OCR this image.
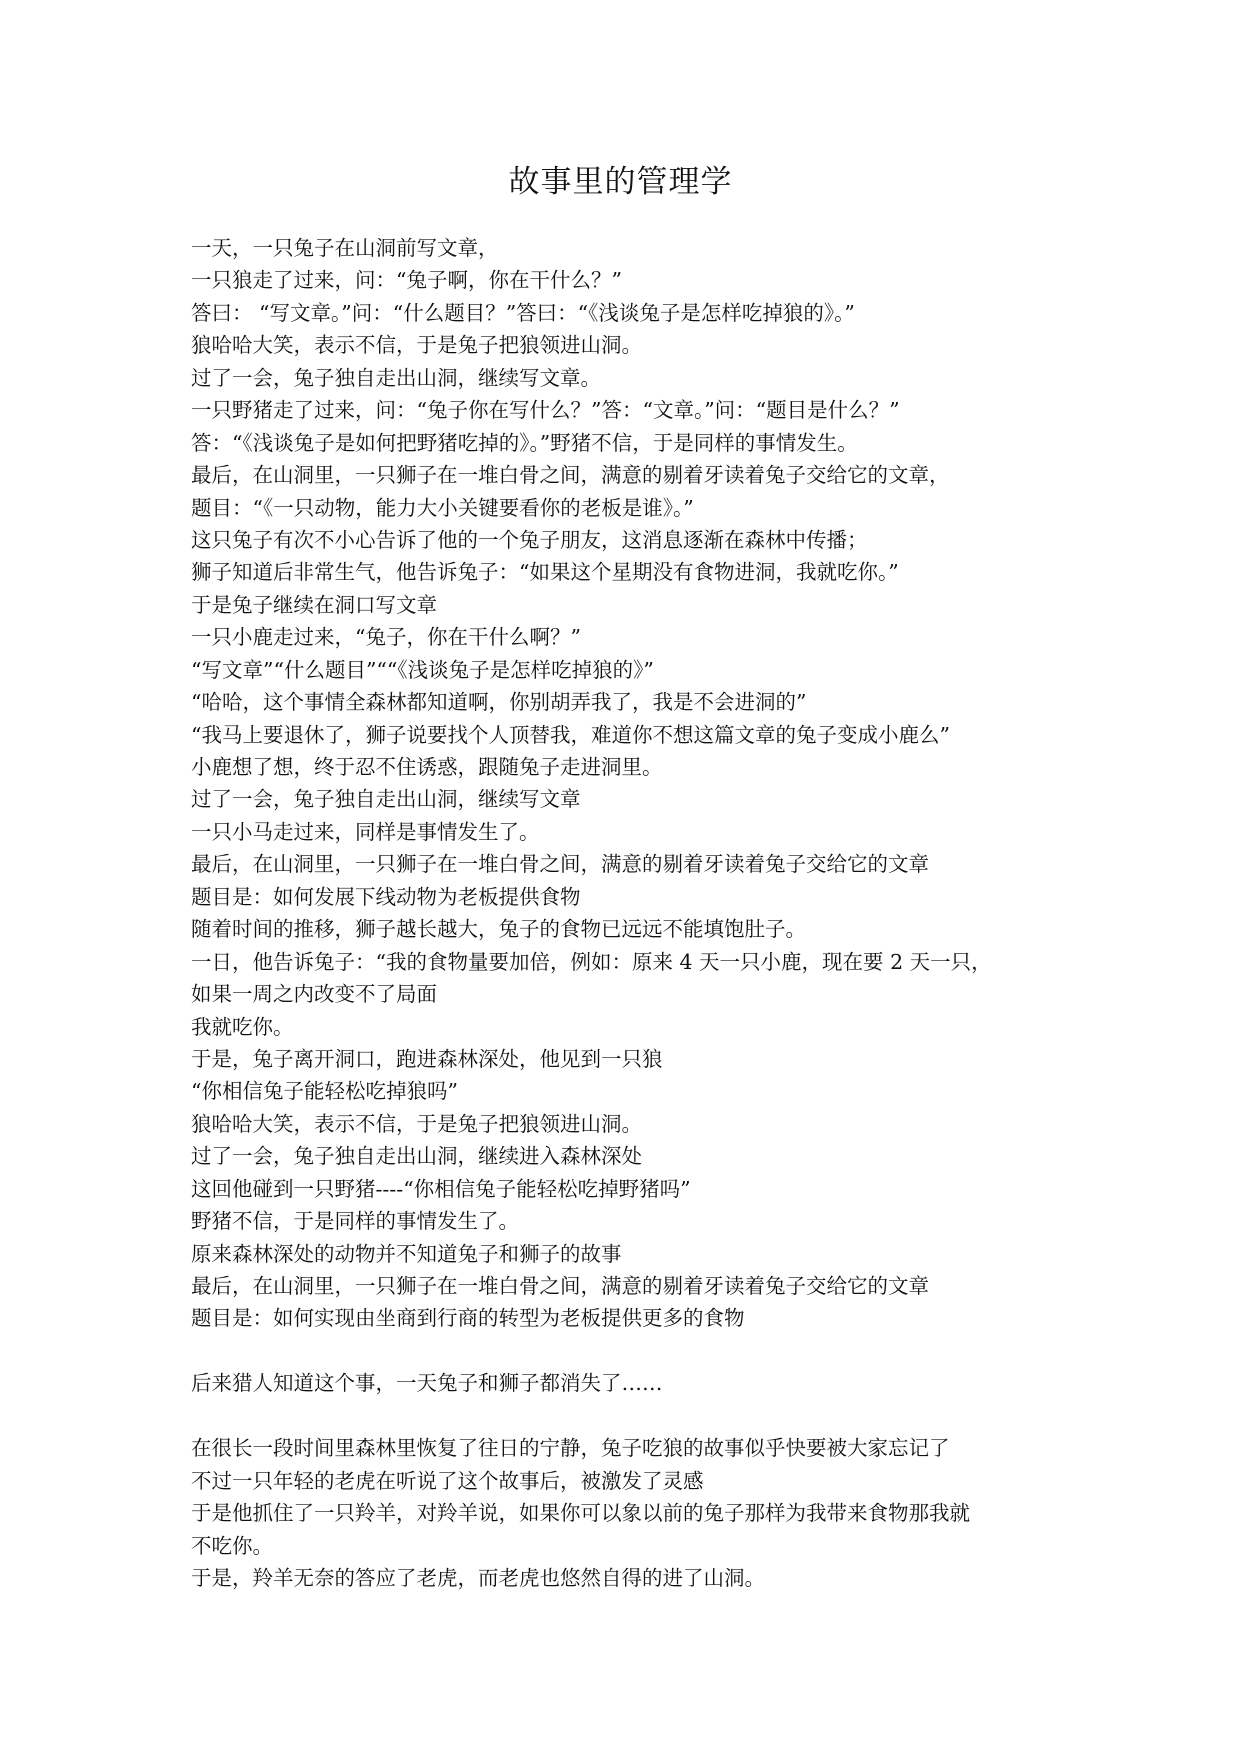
故事里的管理学
一天，一只兔子在山洞前写文章，
一只狼走了过来，问：“兔子啊，你在干什么？”
答曰： “写文章。”问：“什么题目？”答曰：“《浅谈兔子是怎样吃掉狼的》。”
狼哈哈大笑，表示不信，于是兔子把狼领进山洞。
过了一会，兔子独自走出山洞，继续写文章。
一只野猪走了过来，问：“兔子你在写什么？”答：“文章。”问：“题目是什么？”
答：“《浅谈兔子是如何把野猪吃掉的》。”野猪不信，于是同样的事情发生。
最后，在山洞里，一只狮子在一堆白骨之间，满意的剔着牙读着兔子交给它的文章，
题目：“《一只动物，能力大小关键要看你的老板是谁》。”
这只兔子有次不小心告诉了他的一个兔子朋友，这消息逐渐在森林中传播；
狮子知道后非常生气，他告诉兔子：“如果这个星期没有食物进洞，我就吃你。”
于是兔子继续在洞口写文章
一只小鹿走过来，“兔子，你在干什么啊？”
“写文章”“什么题目”““《浅谈兔子是怎样吃掉狼的》”
“哈哈，这个事情全森林都知道啊，你别胡弄我了，我是不会进洞的”
“我马上要退休了，狮子说要找个人顶替我，难道你不想这篇文章的兔子变成小鹿么”
小鹿想了想，终于忍不住诱惑，跟随兔子走进洞里。
过了一会，兔子独自走出山洞，继续写文章
一只小马走过来，同样是事情发生了。
最后，在山洞里，一只狮子在一堆白骨之间，满意的剔着牙读着兔子交给它的文章
题目是：如何发展下线动物为老板提供食物
随着时间的推移，狮子越长越大，兔子的食物已远远不能填饱肚子。
一日，他告诉兔子：“我的食物量要加倍，例如：原来 4 天一只小鹿，现在要 2 天一只，
如果一周之内改变不了局面
我就吃你。
于是，兔子离开洞口，跑进森林深处，他见到一只狼
“你相信兔子能轻松吃掉狼吗”
狼哈哈大笑，表示不信，于是兔子把狼领进山洞。
过了一会，兔子独自走出山洞，继续进入森林深处
这回他碰到一只野猪----“你相信兔子能轻松吃掉野猪吗”
野猪不信，于是同样的事情发生了。
原来森林深处的动物并不知道兔子和狮子的故事
最后，在山洞里，一只狮子在一堆白骨之间，满意的剔着牙读着兔子交给它的文章
题目是：如何实现由坐商到行商的转型为老板提供更多的食物
后来猎人知道这个事，一天兔子和狮子都消失了……
在很长一段时间里森林里恢复了往日的宁静，兔子吃狼的故事似乎快要被大家忘记了
不过一只年轻的老虎在听说了这个故事后，被激发了灵感
于是他抓住了一只羚羊，对羚羊说，如果你可以象以前的兔子那样为我带来食物那我就
不吃你。
于是，羚羊无奈的答应了老虎，而老虎也悠然自得的进了山洞。
